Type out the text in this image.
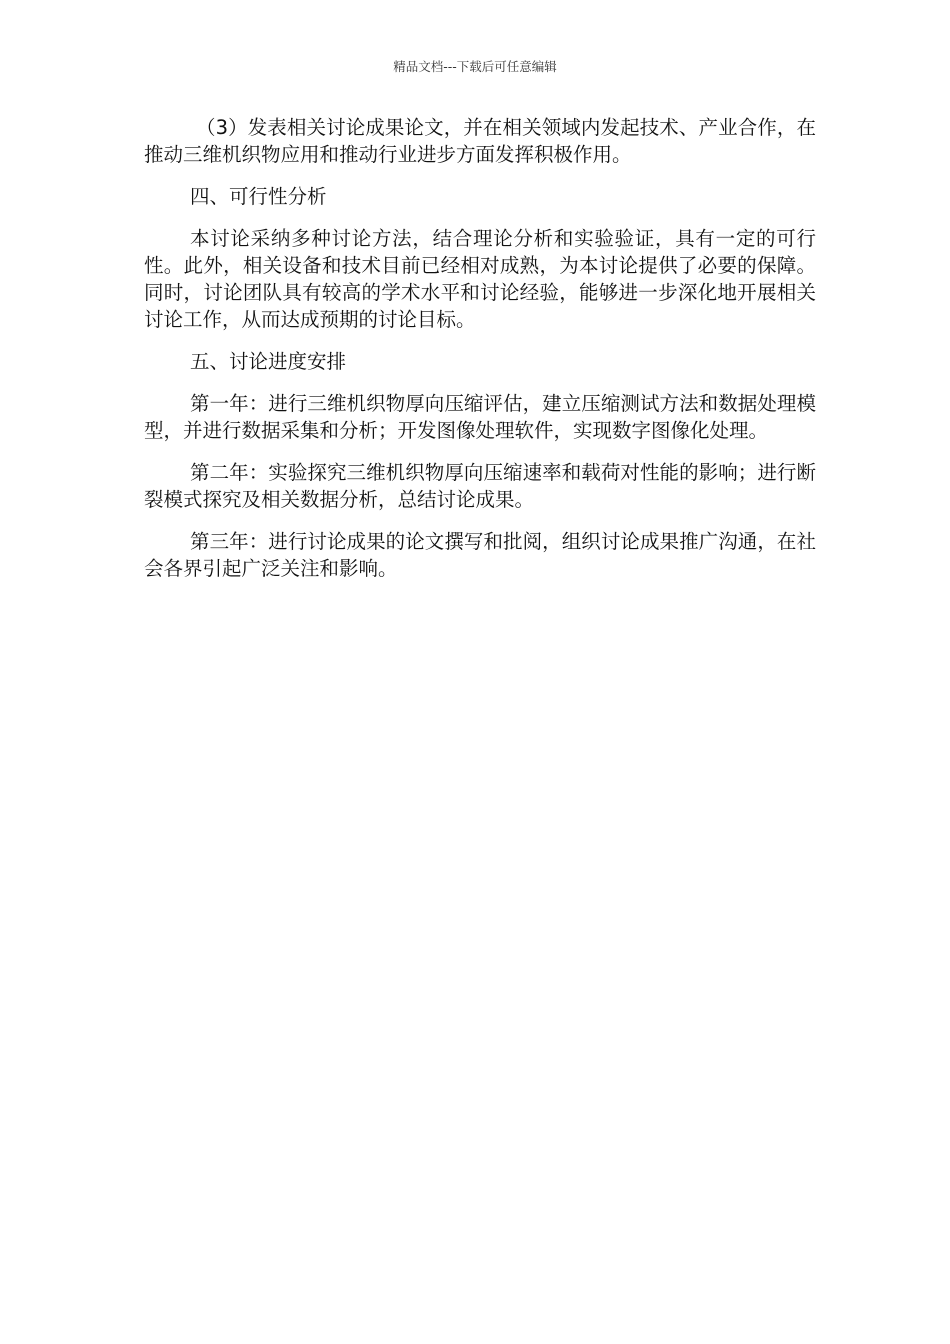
精品文档---下载后可任意编辑

（3）发表相关讨论成果论文，并在相关领域内发起技术、产业合作，在推动三维机织物应用和推动行业进步方面发挥积极作用。

四、可行性分析

本讨论采纳多种讨论方法，结合理论分析和实验验证，具有一定的可行性。此外，相关设备和技术目前已经相对成熟，为本讨论提供了必要的保障。同时，讨论团队具有较高的学术水平和讨论经验，能够进一步深化地开展相关讨论工作，从而达成预期的讨论目标。

五、讨论进度安排

第一年：进行三维机织物厚向压缩评估，建立压缩测试方法和数据处理模型，并进行数据采集和分析；开发图像处理软件，实现数字图像化处理。

第二年：实验探究三维机织物厚向压缩速率和载荷对性能的影响；进行断裂模式探究及相关数据分析，总结讨论成果。

第三年：进行讨论成果的论文撰写和批阅，组织讨论成果推广沟通，在社会各界引起广泛关注和影响。
